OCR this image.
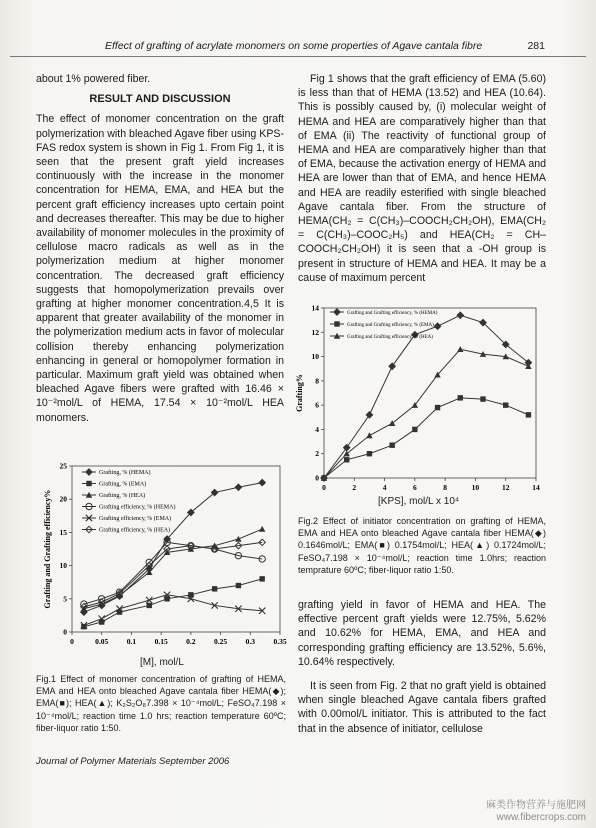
Effect of grafting of acrylate monomers on some properties of Agave cantala fibre	281

about 1% powered fiber.

RESULT AND DISCUSSION

The effect of monomer concentration on the graft polymerization with bleached Agave fiber using KPS-FAS redox system is shown in Fig 1. From Fig 1, it is seen that the present graft yield increases continuously with the increase in the monomer concentration for HEMA, EMA, and HEA but the percent graft efficiency increases upto certain point and decreases thereafter. This may be due to higher availability of monomer molecules in the proximity of cellulose macro radicals as well as in the polymerization medium at higher monomer concentration. The decreased graft efficiency suggests that homopolymerization prevails over grafting at higher monomer concentration.4,5 It is apparent that greater availability of the monomer in the polymerization medium acts in favor of molecular collision thereby enhancing polymerization enhancing in general or homopolymer formation in particular. Maximum graft yield was obtained when bleached Agave fibers were grafted with 16.46 × 10⁻²mol/L of HEMA, 17.54 × 10⁻²mol/L HEA monomers.

Fig 1 shows that the graft efficiency of EMA (5.60) is less than that of HEMA (13.52) and HEA (10.64). This is possibly caused by, (i) molecular weight of HEMA and HEA are comparatively higher than that of EMA (ii) The reactivity of functional group of HEMA and HEA are comparatively higher than that of EMA, because the activation energy of HEMA and HEA are lower than that of EMA, and hence HEMA and HEA are readily esterified with single bleached Agave cantala fiber. From the structure of HEMA(CH₂ = C(CH₃)–COOCH₂CH₂OH), EMA(CH₂ = C(CH₃)–COOC₂H₅) and HEA(CH₂ = CH–COOCH₂CH₂OH) it is seen that a -OH group is present in structure of HEMA and HEA. It may be a cause of maximum percent

0	0.05 0.1 0.15 0.2 0.25 0.3 0.35
0
5
10
15
20
25
Grafting and Grafting efficiency%
Grafting, % (HEMA)
Grafting, % (EMA)
Grafting, % (HEA)
Grafting efficiency, % (HEMA)
Grafting efficiency, % (EMA)
Grafting efficiency, % (HEA)
[M], mol/L
Fig.1 Effect of monomer concentration of grafting of HEMA, EMA and HEA onto bleached Agave cantala fiber HEMA(◆); EMA(■); HEA(▲); K₂S₂O₈7.398 × 10⁻⁴mol/L; FeSO₄7.198 × 10⁻⁴mol/L; reaction time 1.0 hrs; reaction temperature 60ºC; fiber-liquor ratio 1:50.
0	2	4	6	8	10	12	14
0
2
4
6
8
10
12
14
Grafting%
Grafting and Grafting efficiency, % (HEMA)
Grafting and Grafting efficiency, % (EMA)
Grafting and Grafting efficiency, % (HEA)
[KPS], mol/L x 10⁴
Fig.2 Effect of initiator concentration on grafting of HEMA, EMA and HEA onto bleached Agave cantala fiber HEMA(◆) 0.1646mol/L; EMA(■) 0.1754mol/L; HEA(▲) 0.1724mol/L; FeSO₄7.198 × 10⁻⁴mol/L; reaction time 1.0hrs; reaction temprature 60ºC; fiber-liquor ratio 1:50.

grafting yield in favor of HEMA and HEA. The effective percent graft yields were 12.75%, 5.62% and 10.62% for HEMA, EMA, and HEA and corresponding grafting efficiency are 13.52%, 5.6%, 10.64% respectively.

It is seen from Fig. 2 that no graft yield is obtained when single bleached Agave cantala fibers grafted with 0.00mol/L initiator. This is attributed to the fact that in the absence of initiator, cellulose

Journal of Polymer Materials September 2006
麻类作物营养与施肥网
www.fibercrops.com
